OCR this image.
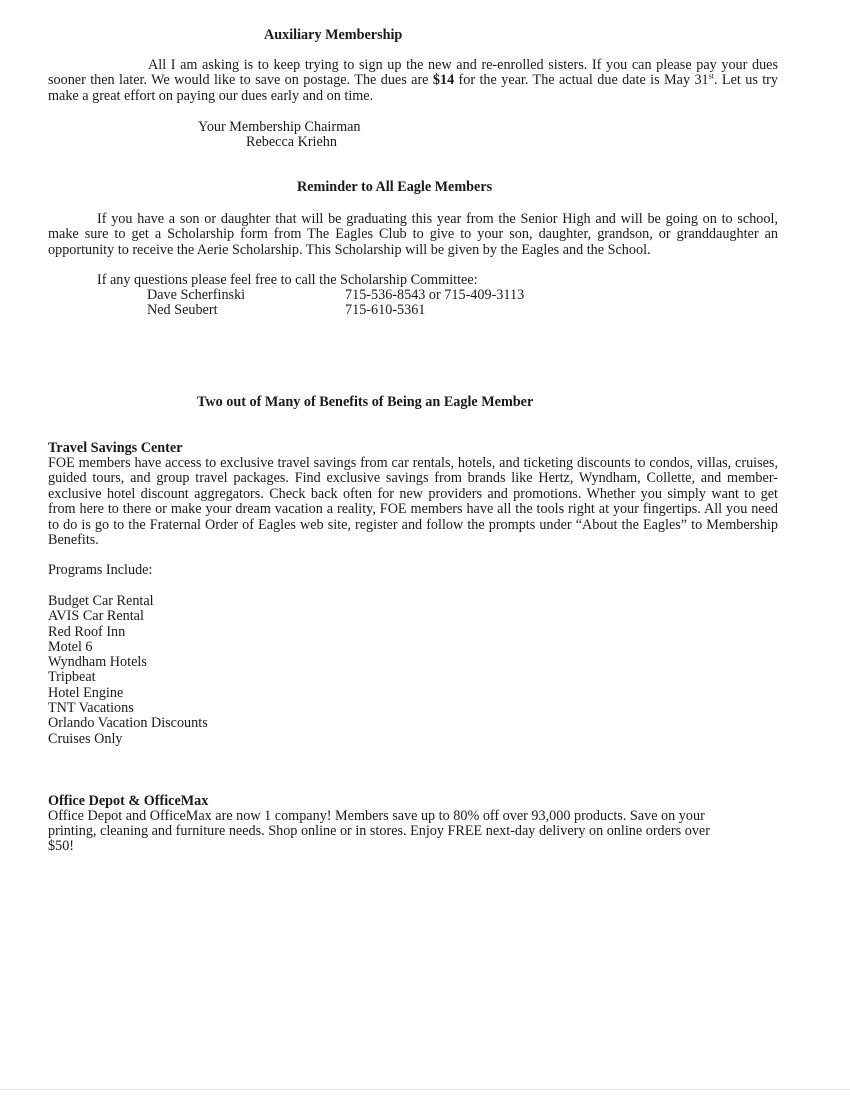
Auxiliary Membership
All I am asking is to keep trying to sign up the new and re-enrolled sisters. If you can please pay your dues sooner then later. We would like to save on postage. The dues are $14 for the year. The actual due date is May 31st. Let us try make a great effort on paying our dues early and on time.
Your Membership Chairman
Rebecca Kriehn
Reminder to All Eagle Members
If you have a son or daughter that will be graduating this year from the Senior High and will be going on to school, make sure to get a Scholarship form from The Eagles Club to give to your son, daughter, grandson, or granddaughter an opportunity to receive the Aerie Scholarship. This Scholarship will be given by the Eagles and the School.
If any questions please feel free to call the Scholarship Committee:
Dave Scherfinski	715-536-8543 or 715-409-3113
Ned Seubert	715-610-5361
Two out of Many of Benefits of Being an Eagle Member
Travel Savings Center
FOE members have access to exclusive travel savings from car rentals, hotels, and ticketing discounts to condos, villas, cruises, guided tours, and group travel packages. Find exclusive savings from brands like Hertz, Wyndham, Collette, and member-exclusive hotel discount aggregators. Check back often for new providers and promotions. Whether you simply want to get from here to there or make your dream vacation a reality, FOE members have all the tools right at your fingertips. All you need to do is go to the Fraternal Order of Eagles web site, register and follow the prompts under “About the Eagles” to Membership Benefits.
Programs Include:
Budget Car Rental
AVIS Car Rental
Red Roof Inn
Motel 6
Wyndham Hotels
Tripbeat
Hotel Engine
TNT Vacations
Orlando Vacation Discounts
Cruises Only
Office Depot & OfficeMax
Office Depot and OfficeMax are now 1 company! Members save up to 80% off over 93,000 products. Save on your
printing, cleaning and furniture needs. Shop online or in stores. Enjoy FREE next-day delivery on online orders over
$50!
